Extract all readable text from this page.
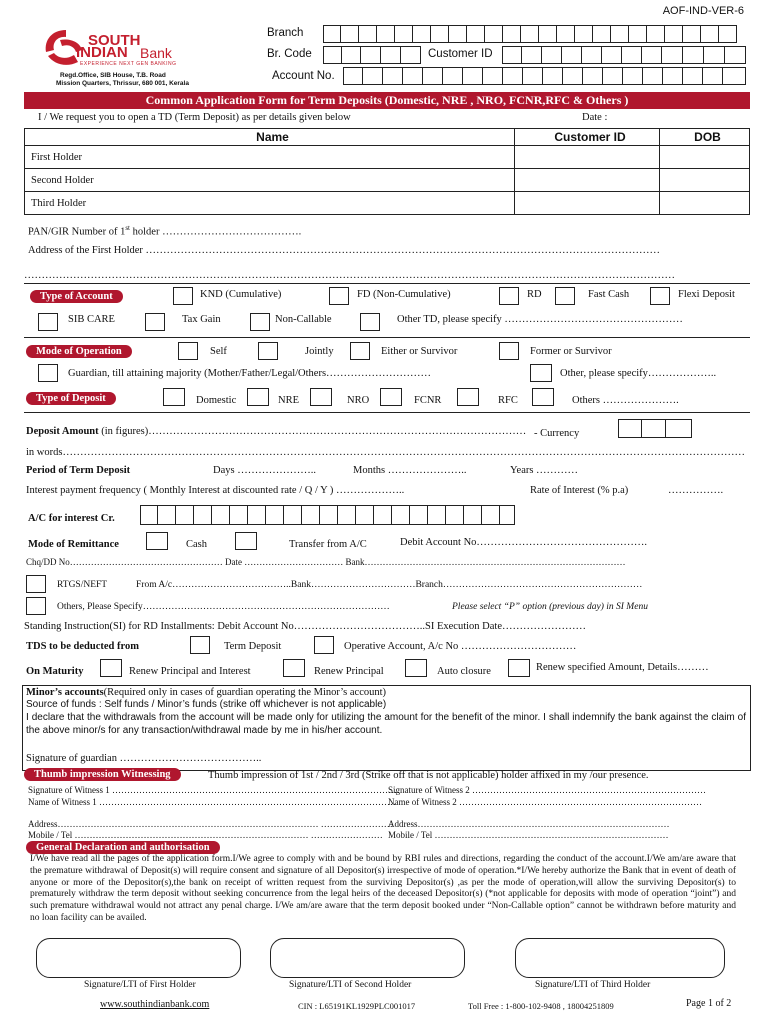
AOF-IND-VER-6
SOUTH
INDIAN Bank
EXPERIENCE NEXT GEN BANKING
Regd.Office, SIB House, T.B. Road
Mission Quarters, Thrissur, 680 001, Kerala
Branch
Br. Code	Customer ID
Account No.
Common Application Form for Term Deposits (Domestic, NRE , NRO, FCNR,RFC & Others )
I / We request you to open a TD (Term Deposit) as per details given below	Date :
Name	Customer ID	DOB
First Holder		
Second Holder		
Third Holder		
PAN/GIR Number of 1st holder ………………………………….
Address of the First Holder …………………………………………………………………………………………………………………………………
……………………………………………………………………………………………………………………………………………………………………
Type of Account	KND (Cumulative)	FD (Non-Cumulative)	RD	Fast Cash	Flexi Deposit
SIB CARE	Tax Gain	Non-Callable	Other TD, please specify ……………………………………………
Mode of Operation	Self	Jointly	Either or Survivor	Former or Survivor
Guardian, till attaining majority (Mother/Father/Legal/Others…………………………	Other, please specify………………..
Type of Deposit	Domestic	NRE	NRO	FCNR	RFC	Others ………………….
Deposit Amount (in figures)……………………………………………………………………………………………… - Currency
in words……………………………………………………………………………………………………………………………………………………………………………
Period of Term Deposit	Days …………………..	Months …………………..	Years …………
Interest payment frequency ( Monthly Interest at discounted rate / Q / Y ) ………………..	Rate of Interest (% p.a)	…………….
A/C for interest Cr.
Mode of Remittance	Cash	Transfer from A/C	Debit Account No………………………………………….
Chq/DD No…………………………………………… Date …………………………… Bank……………………………………………………………………………
RTGS/NEFT	From A/c………………………………..Bank……………………………Branch………………………………………………………
Others, Please Specify……………………………………………………………………	Please select “P” option (previous day) in SI Menu
Standing Instruction(SI) for RD Installments: Debit Account No………………………………..SI Execution Date……………………
TDS to be deducted from	Term Deposit	Operative Account, A/c No ……………………………
On Maturity	Renew Principal and Interest	Renew Principal	Auto closure	Renew specified Amount, Details………
Minor’s accounts(Required only in cases of guardian operating the Minor’s account)
Source of funds : Self funds / Minor’s funds (strike off whichever is not applicable)
I declare that the withdrawals from the account will be made only for utilizing the amount for the benefit of the minor. I shall indemnify the bank against the claim of the above minor/s for any transaction/withdrawal made by me in his/her account.
Signature of guardian …………………………………..
Thumb impression Witnessing	Thumb impression of 1st / 2nd / 3rd (Strike off that is not applicable) holder affixed in my /our presence.
Signature of Witness 1 ……………………………………………………………………………………
Signature of Witness 2 ……………………………………………………………………
Name of Witness 1 ………………………………………………………………………………………
Name of Witness 2 ………………………………………………………………………
Address…………………………………………………………………………… ……………………
Address…………………………………………………………………………
Mobile / Tel …………………………………………………………………… …………………… Mobile / Tel ……………………………………………………………………
General Declaration and authorisation
I/We have read all the pages of the application form.I/We agree to comply with and be bound by RBI rules and directions, regarding the conduct of the account.I/We am/are aware that the premature withdrawal of Deposit(s) will require consent and signature of all Depositor(s) irrespective of mode of operation.*I/We hereby authorize the Bank that in event of death of anyone or more of the Depositor(s),the bank on receipt of written request from the surviving Depositor(s) ,as per the mode of operation,will allow the surviving Depositor(s) to prematurely withdraw the term deposit without seeking concurrence from the legal heirs of the deceased Depositor(s) (*not applicable for deposits with mode of operation “joint”) and such premature withdrawal would not attract any penal charge. I/We am/are aware that the term deposit booked under “Non-Callable option” cannot be withdrawn before maturity and no loan facility can be availed.
Signature/LTI of First Holder	Signature/LTI of Second Holder	Signature/LTI of Third Holder
www.southindianbank.com	CIN : L65191KL1929PLC001017	Toll Free : 1-800-102-9408 , 18004251809	Page 1 of 2
